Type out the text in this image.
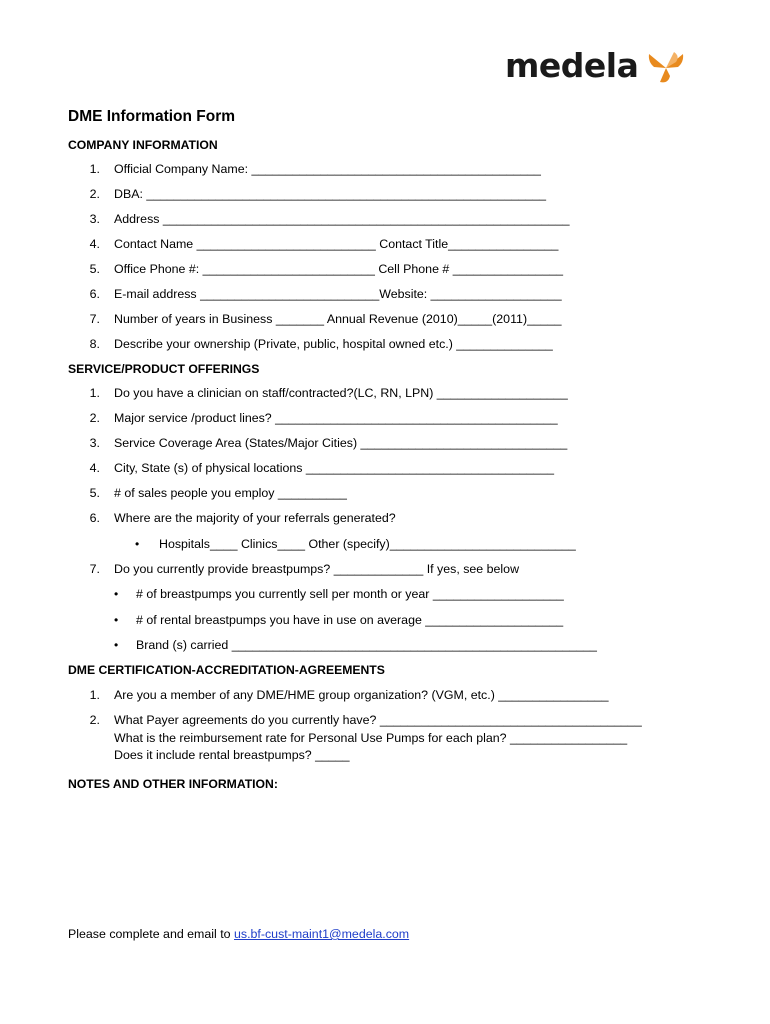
medela
DME Information Form
COMPANY INFORMATION
1. Official Company Name: __________________________________________
2. DBA: __________________________________________________________
3. Address ___________________________________________________________
4. Contact Name __________________________ Contact Title________________
5. Office Phone #: _________________________ Cell Phone # ________________
6. E-mail address __________________________Website: ___________________
7. Number of years in Business _______ Annual Revenue (2010)_____(2011)_____
8. Describe your ownership (Private, public, hospital owned etc.) ______________
SERVICE/PRODUCT OFFERINGS
1. Do you have a clinician on staff/contracted?(LC, RN, LPN) ___________________
2. Major service /product lines? _________________________________________
3. Service Coverage Area (States/Major Cities) ______________________________
4. City, State (s) of physical locations ____________________________________
5. # of sales people you employ __________
6. Where are the majority of your referrals generated?
• Hospitals____ Clinics____ Other (specify)___________________________
7. Do you currently provide breastpumps? _____________ If yes, see below
• # of breastpumps you currently sell per month or year ___________________
• # of rental breastpumps you have in use on average ____________________
• Brand (s) carried _____________________________________________________
DME CERTIFICATION-ACCREDITATION-AGREEMENTS
1. Are you a member of any DME/HME group organization? (VGM, etc.) ________________
2. What Payer agreements do you currently have? ______________________________________
What is the reimbursement rate for Personal Use Pumps for each plan? _________________
Does it include rental breastpumps? _____
NOTES AND OTHER INFORMATION:
Please complete and email to us.bf-cust-maint1@medela.com
